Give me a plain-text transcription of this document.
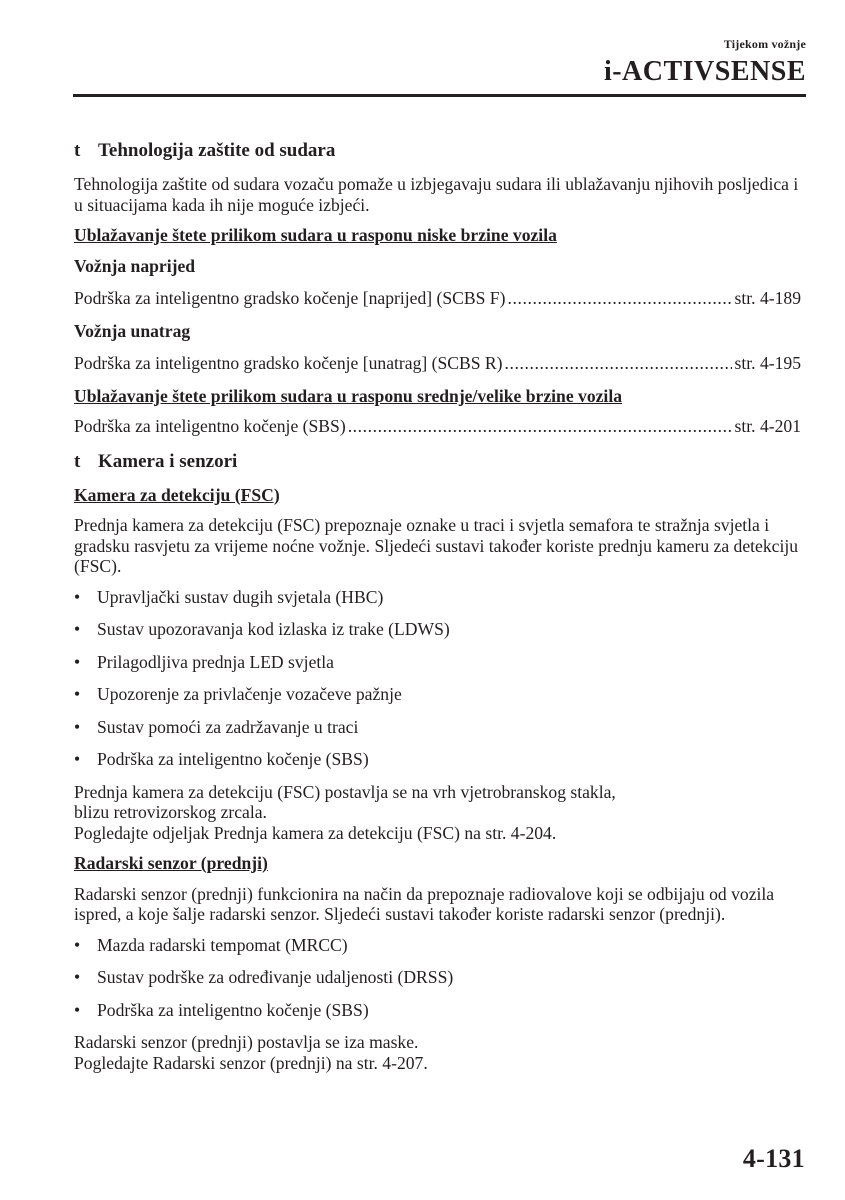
Tijekom vožnje
i-ACTIVSENSE
t Tehnologija zaštite od sudara

Tehnologija zaštite od sudara vozaču pomaže u izbjegavaju sudara ili ublažavanju njihovih posljedica i u situacijama kada ih nije moguće izbjeći.

Ublažavanje štete prilikom sudara u rasponu niske brzine vozila
Vožnja naprijed
Podrška za inteligentno gradsko kočenje [naprijed] (SCBS F) .....	str. 4-189
Vožnja unatrag
Podrška za inteligentno gradsko kočenje [unatrag] (SCBS R) .....	str. 4-195
Ublažavanje štete prilikom sudara u rasponu srednje/velike brzine vozila
Podrška za inteligentno kočenje (SBS) .....	str. 4-201
t Kamera i senzori
Kamera za detekciju (FSC)

Prednja kamera za detekciju (FSC) prepoznaje oznake u traci i svjetla semafora te stražnja svjetla i gradsku rasvjetu za vrijeme noćne vožnje. Sljedeći sustavi također koriste prednju kameru za detekciju (FSC).

• Upravljački sustav dugih svjetala (HBC)
• Sustav upozoravanja kod izlaska iz trake (LDWS)
• Prilagodljiva prednja LED svjetla
• Upozorenje za privlačenje vozačeve pažnje
• Sustav pomoći za zadržavanje u traci
• Podrška za inteligentno kočenje (SBS)

Prednja kamera za detekciju (FSC) postavlja se na vrh vjetrobranskog stakla,
blizu retrovizorskog zrcala.
Pogledajte odjeljak Prednja kamera za detekciju (FSC) na str. 4-204.

Radarski senzor (prednji)

Radarski senzor (prednji) funkcionira na način da prepoznaje radiovalove koji se odbijaju od vozila ispred, a koje šalje radarski senzor. Sljedeći sustavi također koriste radarski senzor (prednji).

• Mazda radarski tempomat (MRCC)
• Sustav podrške za određivanje udaljenosti (DRSS)
• Podrška za inteligentno kočenje (SBS)

Radarski senzor (prednji) postavlja se iza maske.
Pogledajte Radarski senzor (prednji) na str. 4-207.

4-131
